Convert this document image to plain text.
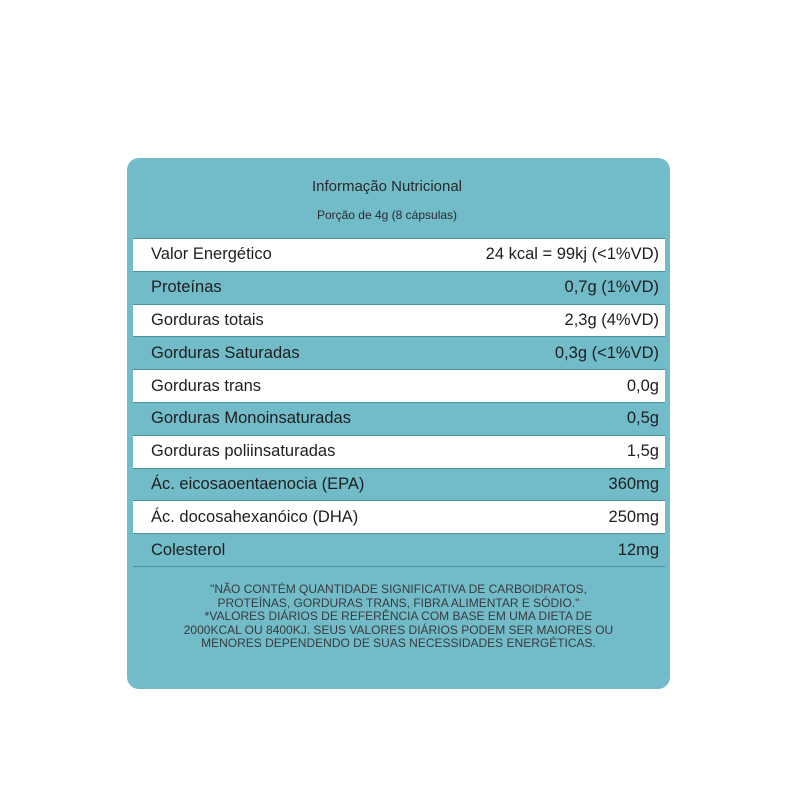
Informação Nutricional
Porção de 4g (8 cápsulas)
Valor Energético	24 kcal = 99kj (<1%VD)
Proteínas	0,7g (1%VD)
Gorduras totais	2,3g (4%VD)
Gorduras Saturadas	0,3g (<1%VD)
Gorduras trans	0,0g
Gorduras Monoinsaturadas	0,5g
Gorduras poliinsaturadas	1,5g
Ác. eicosaoentaenocia (EPA)	360mg
Ác. docosahexanóico (DHA)	250mg
Colesterol	12mg
"NÃO CONTÉM QUANTIDADE SIGNIFICATIVA DE CARBOIDRATOS,
PROTEÍNAS, GORDURAS TRANS, FIBRA ALIMENTAR E SÓDIO."
*VALORES DIÁRIOS DE REFERÊNCIA COM BASE EM UMA DIETA DE
2000KCAL OU 8400KJ. SEUS VALORES DIÁRIOS PODEM SER MAIORES OU
MENORES DEPENDENDO DE SUAS NECESSIDADES ENERGÉTICAS.
